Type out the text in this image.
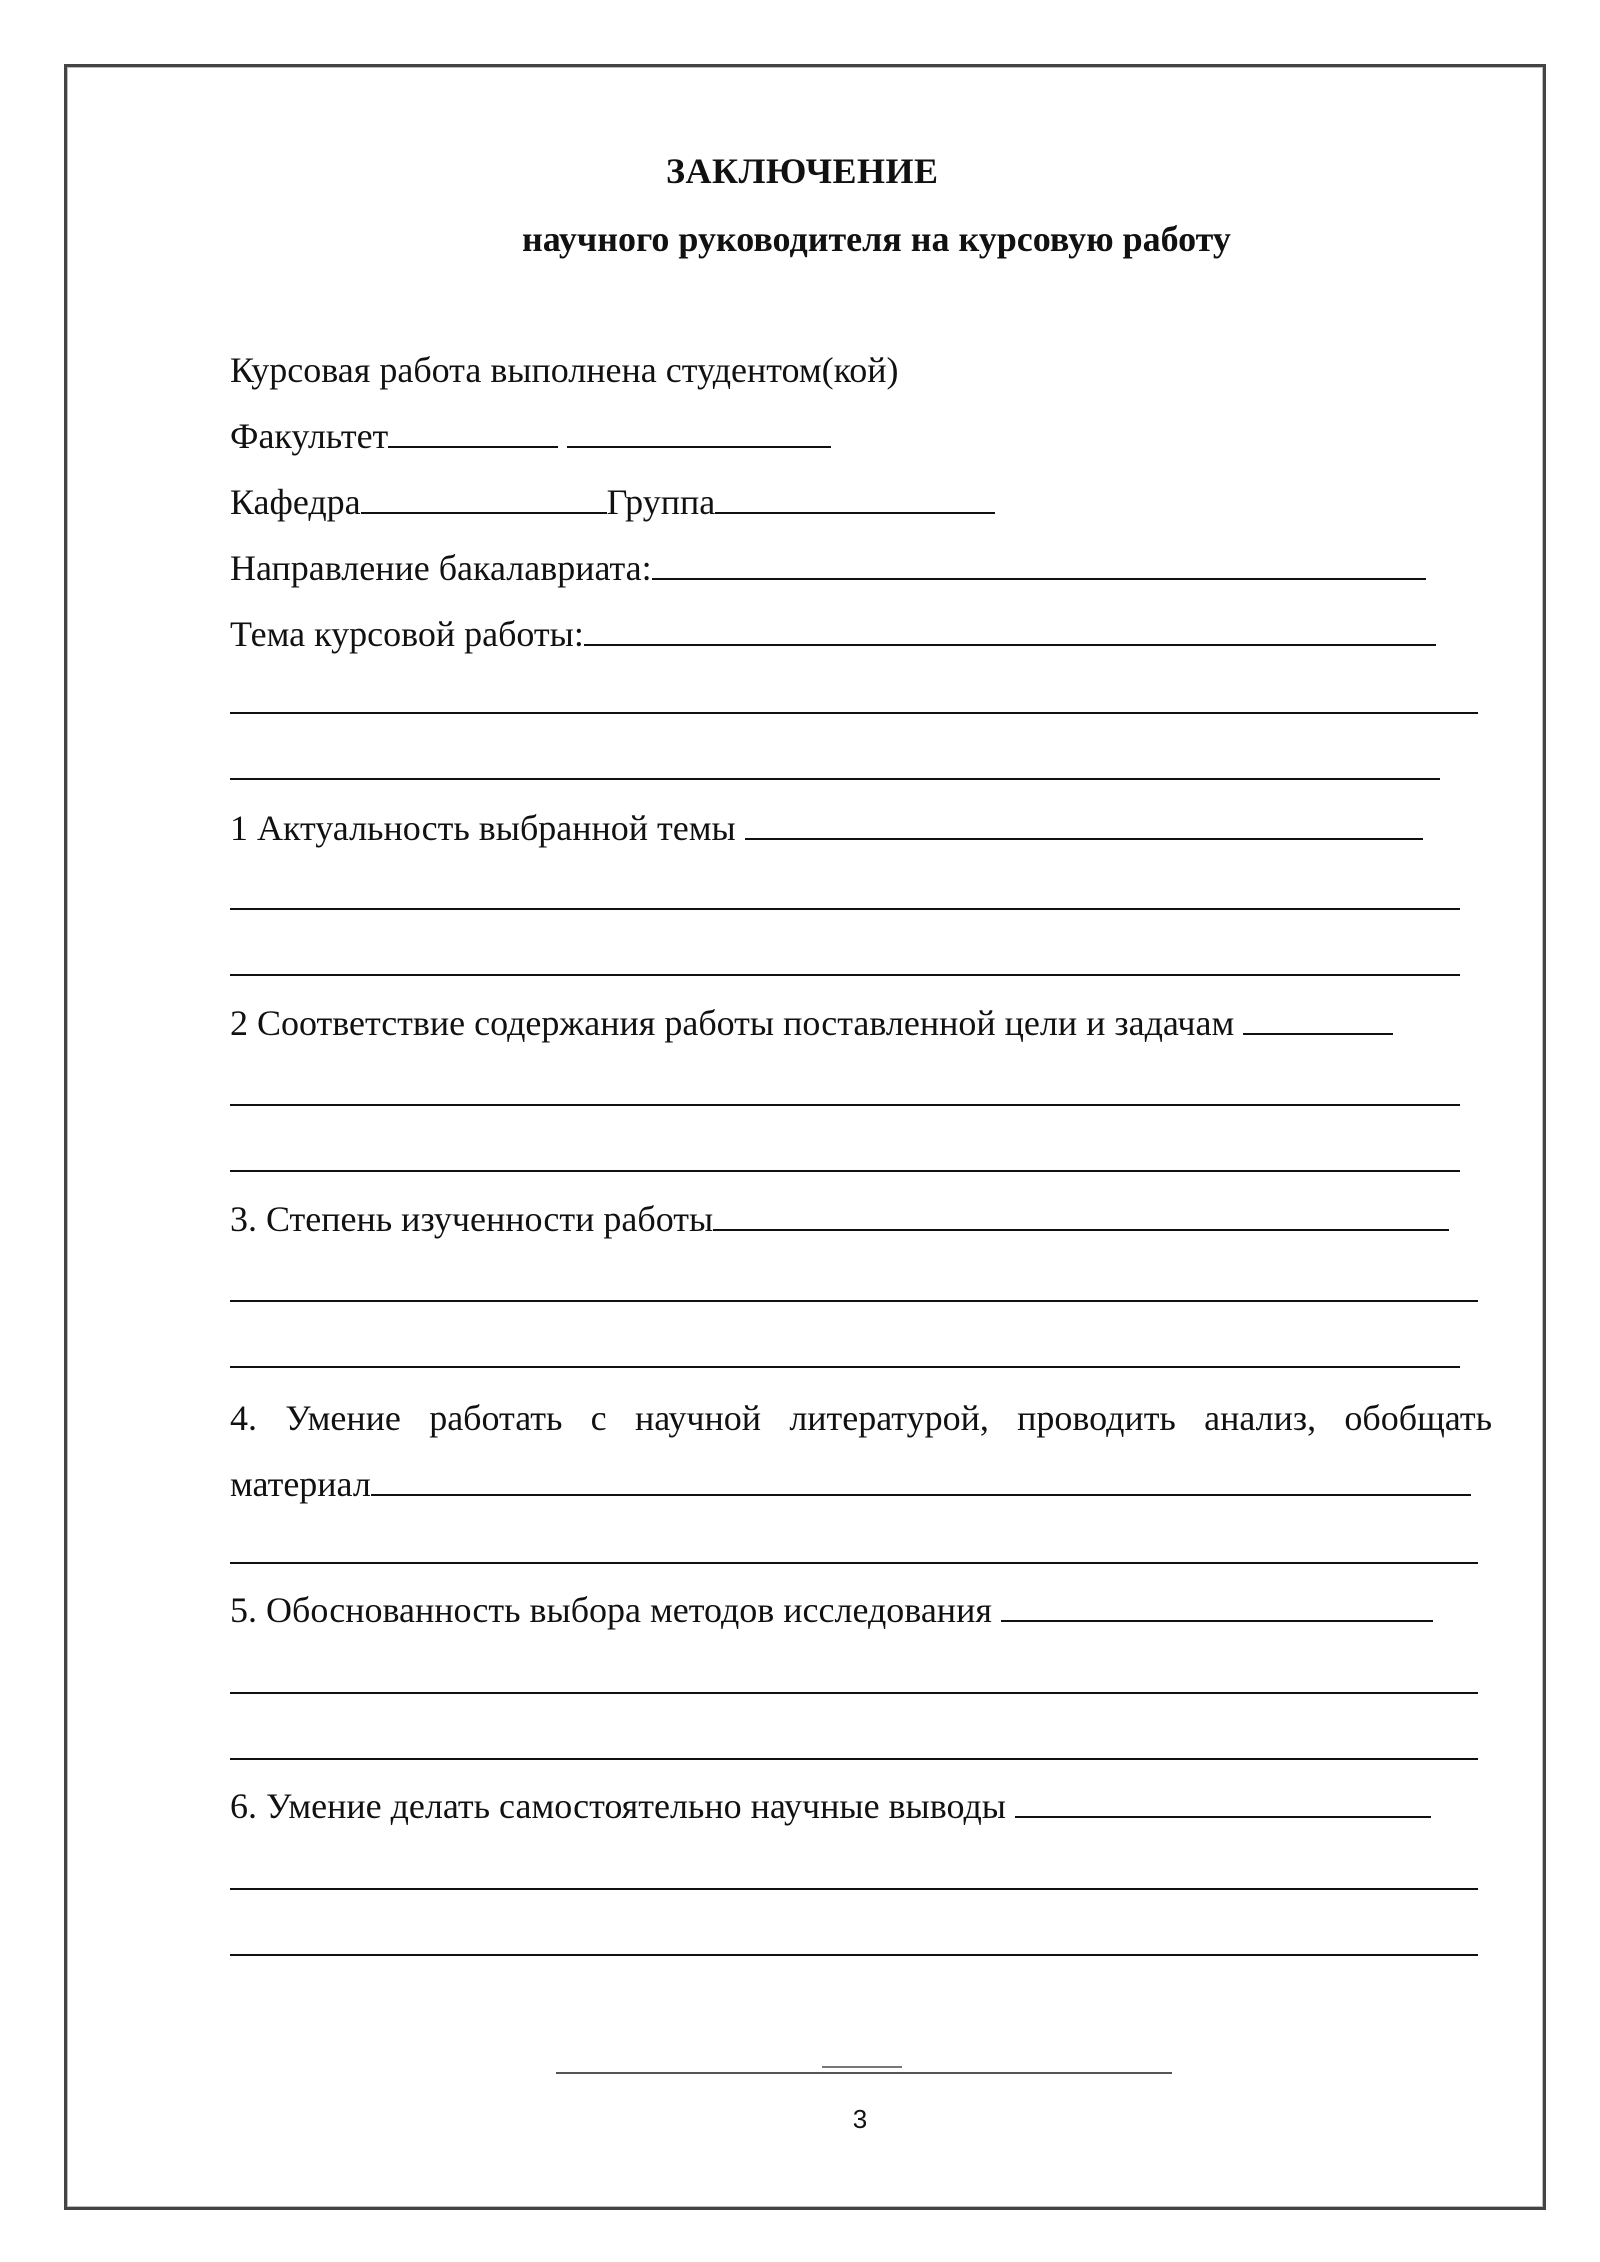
ЗАКЛЮЧЕНИЕ
научного руководителя на курсовую работу
Курсовая работа выполнена студентом(кой)
Факультет
Кафедра	Группа
Направление бакалавриата:
Тема курсовой работы:
1 Актуальность выбранной темы
2 Соответствие содержания работы поставленной цели и задачам
3. Степень изученности работы
4. Умение работать с научной литературой, проводить анализ, обобщать
материал
5. Обоснованность выбора методов исследования
6. Умение делать самостоятельно научные выводы
3
